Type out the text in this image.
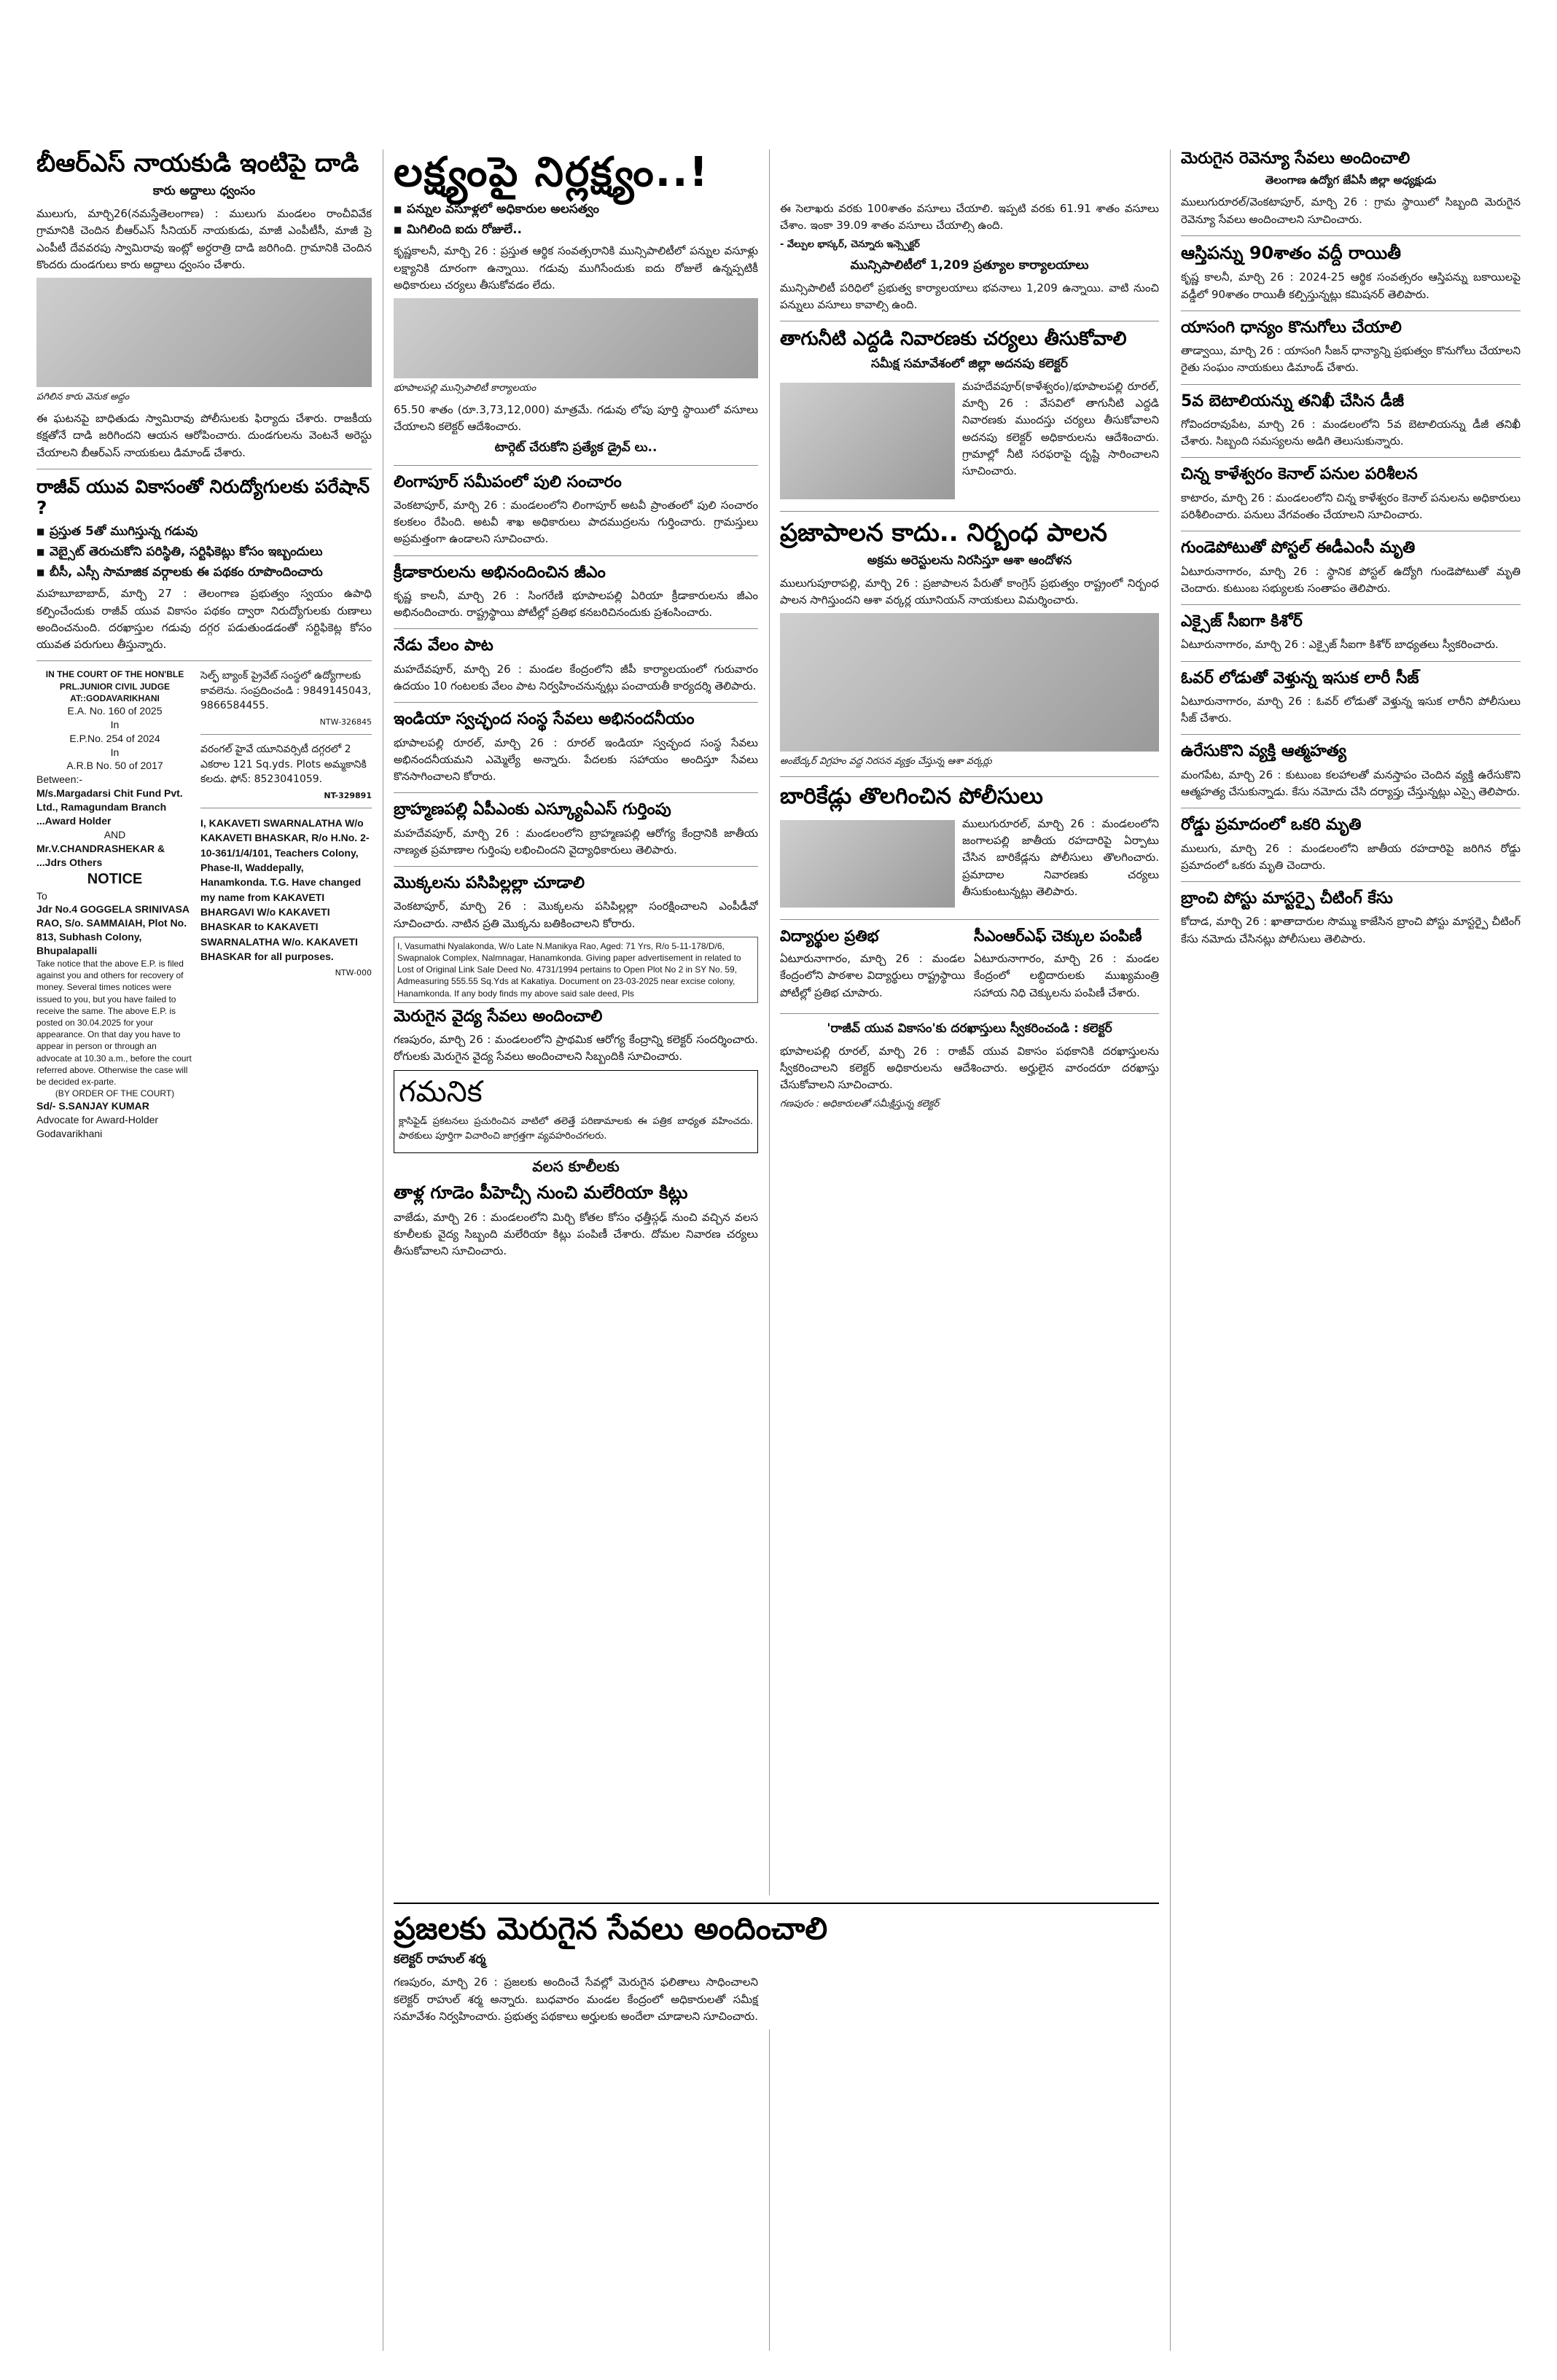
బీఆర్ఎస్ నాయకుడి ఇంటిపై దాడి
కారు అద్దాలు ధ్వంసం

ములుగు, మార్చి26(నమస్తేతెలంగాణ) : ములుగు మండలం రాంచీవివేక గ్రామానికి చెందిన బీఆర్ఎస్ సీనియర్ నాయకుడు, మాజీ ఎంపీటీసీ, మాజీ ప్రె ఎంపీటీ దేవవరపు స్వామిరావు ఇంట్లో అర్ధరాత్రి దాడి జరిగింది. గ్రామానికి చెందిన కొందరు దుండగులు కారు అద్దాలు ధ్వంసం చేశారు.

పగిలిన కారు వెనుక అద్దం

ఈ ఘటనపై బాధితుడు స్వామిరావు పోలీసులకు ఫిర్యాదు చేశారు. రాజకీయ కక్షతోనే దాడి జరిగిందని ఆయన ఆరోపించారు. దుండగులను వెంటనే అరెస్టు చేయాలని బీఆర్ఎస్ నాయకులు డిమాండ్ చేశారు.

రాజీవ్ యువ వికాసంతో నిరుద్యోగులకు పరేషాన్ ?
■ ప్రస్తుత 5తో ముగిస్తున్న గడువు
■ వెబ్సైట్ తెరుచుకోని పరిస్థితి, సర్టిఫికెట్లు కోసం ఇబ్బందులు
■ బీసీ, ఎస్సీ సామాజిక వర్గాలకు ఈ పథకం రూపొందించారు

మహబూబాబాద్, మార్చి 27 : తెలంగాణ ప్రభుత్వం స్వయం ఉపాధి కల్పించేందుకు రాజీవ్ యువ వికాసం పథకం ద్వారా నిరుద్యోగులకు రుణాలు అందించనుంది. దరఖాస్తుల గడువు దగ్గర పడుతుండడంతో సర్టిఫికెట్ల కోసం యువత పరుగులు తీస్తున్నారు.

IN THE COURT OF THE HON'BLE PRL.JUNIOR CIVIL JUDGE AT::GODAVARIKHANI
E.A. No. 160 of 2025
In
E.P.No. 254 of 2024
In
A.R.B No. 50 of 2017
Between:-
M/s.Margadarsi Chit Fund Pvt. Ltd., Ramagundam Branch ...Award Holder
AND
Mr.V.CHANDRASHEKAR & ...Jdrs Others
NOTICE
To
Jdr No.4 GOGGELA SRINIVASA RAO, S/o. SAMMAIAH, Plot No. 813, Subhash Colony, Bhupalapalli
Take notice that the above E.P. is filed against you and others for recovery of money. Several times notices were issued to you, but you have failed to receive the same. The above E.P. is posted on 30.04.2025 for your appearance. On that day you have to appear in person or through an advocate at 10.30 a.m., before the court referred above. Otherwise the case will be decided ex-parte.
(BY ORDER OF THE COURT)
Sd/- S.SANJAY KUMAR
Advocate for Award-Holder Godavarikhani
సెల్ఫ్ బ్యాంక్ ప్రైవేట్ సంస్థలో ఉద్యోగాలకు కావలెను. సంప్రదించండి : 9849145043, 9866584455.
NTW-326845
వరంగల్ హైవే యూనివర్సిటీ దగ్గరలో 2 ఎకరాల 121 Sq.yds. Plots అమ్మకానికి కలదు. ఫోన్: 8523041059.
NT-329891
I, KAKAVETI SWARNALATHA W/o KAKAVETI BHASKAR, R/o H.No. 2-10-361/1/4/101, Teachers Colony, Phase-II, Waddepally, Hanamkonda. T.G. Have changed my name from KAKAVETI BHARGAVI W/o KAKAVETI BHASKAR to KAKAVETI SWARNALATHA W/o. KAKAVETI BHASKAR for all purposes.
NTW-000
లక్ష్యంపై నిర్లక్ష్యం..!
■ పన్నుల వసూళ్లలో అధికారుల అలసత్వం
■ మిగిలింది ఐదు రోజులే..

కృష్ణకాలనీ, మార్చి 26 : ప్రస్తుత ఆర్థిక సంవత్సరానికి మున్సిపాలిటీలో పన్నుల వసూళ్లు లక్ష్యానికి దూరంగా ఉన్నాయి. గడువు ముగిసేందుకు ఐదు రోజులే ఉన్నప్పటికీ అధికారులు చర్యలు తీసుకోవడం లేదు.

భూపాలపల్లి మున్సిపాలిటీ కార్యాలయం

65.50 శాతం (రూ.3,73,12,000) మాత్రమే. గడువు లోపు పూర్తి స్థాయిలో వసూలు చేయాలని కలెక్టర్ ఆదేశించారు.

టార్గెట్ చేరుకోని ప్రత్యేక డ్రైవ్ లు..
లింగాపూర్ సమీపంలో పులి సంచారం

వెంకటాపూర్, మార్చి 26 : మండలంలోని లింగాపూర్ అటవీ ప్రాంతంలో పులి సంచారం కలకలం రేపింది. అటవీ శాఖ అధికారులు పాదముద్రలను గుర్తించారు. గ్రామస్తులు అప్రమత్తంగా ఉండాలని సూచించారు.

క్రీడాకారులను అభినందించిన జీఎం

కృష్ణ కాలనీ, మార్చి 26 : సింగరేణి భూపాలపల్లి ఏరియా క్రీడాకారులను జీఎం అభినందించారు. రాష్ట్రస్థాయి పోటీల్లో ప్రతిభ కనబరిచినందుకు ప్రశంసించారు.

నేడు వేలం పాట

మహదేవపూర్, మార్చి 26 : మండల కేంద్రంలోని జీపీ కార్యాలయంలో గురువారం ఉదయం 10 గంటలకు వేలం పాట నిర్వహించనున్నట్లు పంచాయతీ కార్యదర్శి తెలిపారు.

ఇండియా స్వచ్ఛంద సంస్థ సేవలు అభినందనీయం

భూపాలపల్లి రూరల్, మార్చి 26 : రూరల్ ఇండియా స్వచ్ఛంద సంస్థ సేవలు అభినందనీయమని ఎమ్మెల్యే అన్నారు. పేదలకు సహాయం అందిస్తూ సేవలు కొనసాగించాలని కోరారు.

బ్రాహ్మణపల్లి ఏపీఎంకు ఎస్క్యూఏఎస్ గుర్తింపు

మహదేవపూర్, మార్చి 26 : మండలంలోని బ్రాహ్మణపల్లి ఆరోగ్య కేంద్రానికి జాతీయ నాణ్యత ప్రమాణాల గుర్తింపు లభించిందని వైద్యాధికారులు తెలిపారు.

మొక్కలను పసిపిల్లల్లా చూడాలి

వెంకటాపూర్, మార్చి 26 : మొక్కలను పసిపిల్లల్లా సంరక్షించాలని ఎంపీడీవో సూచించారు. నాటిన ప్రతి మొక్కను బతికించాలని కోరారు.

I, Vasumathi Nyalakonda, W/o Late N.Manikya Rao, Aged: 71 Yrs, R/o 5-11-178/D/6, Swapnalok Complex, Nalmnagar, Hanamkonda. Giving paper advertisement in related to Lost of Original Link Sale Deed No. 4731/1994 pertains to Open Plot No 2 in SY No. 59, Admeasuring 555.55 Sq.Yds at Kakatiya. Document on 23-03-2025 near excise colony, Hanamkonda. If any body finds my above said sale deed, Pls
మెరుగైన వైద్య సేవలు అందించాలి

గణపురం, మార్చి 26 : మండలంలోని ప్రాథమిక ఆరోగ్య కేంద్రాన్ని కలెక్టర్ సందర్శించారు. రోగులకు మెరుగైన వైద్య సేవలు అందించాలని సిబ్బందికి సూచించారు.

గమనిక
క్లాసిఫైడ్ ప్రకటనలు ప్రచురించిన వాటిలో తలెత్తే పరిణామాలకు ఈ పత్రిక బాధ్యత వహించదు. పాఠకులు పూర్తిగా విచారించి జాగ్రత్తగా వ్యవహరించగలరు.
వలస కూలీలకు
తాళ్ల గూడెం పీహెచ్సీ నుంచి మలేరియా కిట్లు

వాజేడు, మార్చి 26 : మండలంలోని మిర్చి కోతల కోసం ఛత్తీస్గఢ్ నుంచి వచ్చిన వలస కూలీలకు వైద్య సిబ్బంది మలేరియా కిట్లు పంపిణీ చేశారు. దోమల నివారణ చర్యలు తీసుకోవాలని సూచించారు.

ఈ సెలాఖరు వరకు 100శాతం వసూలు చేయాలి. ఇప్పటి వరకు 61.91 శాతం వసూలు చేశాం. ఇంకా 39.09 శాతం వసూలు చేయాల్సి ఉంది.

- వేల్పుల భాస్కర్, చెన్నూరు ఇన్స్పెక్టర్
మున్సిపాలిటీలో 1,209 ప్రత్యూల కార్యాలయాలు

మున్సిపాలిటీ పరిధిలో ప్రభుత్వ కార్యాలయాలు భవనాలు 1,209 ఉన్నాయి. వాటి నుంచి పన్నులు వసూలు కావాల్సి ఉంది.

తాగునీటి ఎద్దడి నివారణకు చర్యలు తీసుకోవాలి
సమీక్ష సమావేశంలో జిల్లా అదనపు కలెక్టర్

మహదేవపూర్(కాళేశ్వరం)/భూపాలపల్లి రూరల్, మార్చి 26 : వేసవిలో తాగునీటి ఎద్దడి నివారణకు ముందస్తు చర్యలు తీసుకోవాలని అదనపు కలెక్టర్ అధికారులను ఆదేశించారు. గ్రామాల్లో నీటి సరఫరాపై దృష్టి సారించాలని సూచించారు.

ప్రజాపాలన కాదు.. నిర్బంధ పాలన
అక్రమ అరెస్టులను నిరసిస్తూ ఆశా ఆందోళన

ములుగుపూరాపల్లి, మార్చి 26 : ప్రజాపాలన పేరుతో కాంగ్రెస్ ప్రభుత్వం రాష్ట్రంలో నిర్బంధ పాలన సాగిస్తుందని ఆశా వర్కర్ల యూనియన్ నాయకులు విమర్శించారు.

అంబేద్కర్ విగ్రహం వద్ద నిరసన వ్యక్తం చేస్తున్న ఆశా వర్కర్లు
బారికేడ్లు తొలగించిన పోలీసులు

ములుగురూరల్, మార్చి 26 : మండలంలోని జంగాలపల్లి జాతీయ రహదారిపై ఏర్పాటు చేసిన బారికేడ్లను పోలీసులు తొలగించారు. ప్రమాదాల నివారణకు చర్యలు తీసుకుంటున్నట్లు తెలిపారు.

విద్యార్థుల ప్రతిభ

ఏటూరునాగారం, మార్చి 26 : మండల కేంద్రంలోని పాఠశాల విద్యార్థులు రాష్ట్రస్థాయి పోటీల్లో ప్రతిభ చూపారు.

సీఎంఆర్ఎఫ్ చెక్కుల పంపిణీ

ఏటూరునాగారం, మార్చి 26 : మండల కేంద్రంలో లబ్ధిదారులకు ముఖ్యమంత్రి సహాయ నిధి చెక్కులను పంపిణీ చేశారు.

'రాజీవ్ యువ వికాసం'కు దరఖాస్తులు స్వీకరించండి : కలెక్టర్

భూపాలపల్లి రూరల్, మార్చి 26 : రాజీవ్ యువ వికాసం పథకానికి దరఖాస్తులను స్వీకరించాలని కలెక్టర్ అధికారులను ఆదేశించారు. అర్హులైన వారందరూ దరఖాస్తు చేసుకోవాలని సూచించారు.

గణపురం : అధికారులతో సమీక్షిస్తున్న కలెక్టర్
మెరుగైన రెవెన్యూ సేవలు అందించాలి
తెలంగాణ ఉద్యోగ జేఏసీ జిల్లా అధ్యక్షుడు

ములుగురూరల్/వెంకటాపూర్, మార్చి 26 : గ్రామ స్థాయిలో సిబ్బంది మెరుగైన రెవెన్యూ సేవలు అందించాలని సూచించారు.

ఆస్తిపన్ను 90శాతం వద్దీ రాయితీ

కృష్ణ కాలనీ, మార్చి 26 : 2024-25 ఆర్థిక సంవత్సరం ఆస్తిపన్ను బకాయిలపై వడ్డీలో 90శాతం రాయితీ కల్పిస్తున్నట్లు కమిషనర్ తెలిపారు.

యాసంగి ధాన్యం కొనుగోలు చేయాలి

తాడ్వాయి, మార్చి 26 : యాసంగి సీజన్ ధాన్యాన్ని ప్రభుత్వం కొనుగోలు చేయాలని రైతు సంఘం నాయకులు డిమాండ్ చేశారు.

5వ బెటాలియన్ను తనిఖీ చేసిన డీజీ

గోవిందరావుపేట, మార్చి 26 : మండలంలోని 5వ బెటాలియన్ను డీజీ తనిఖీ చేశారు. సిబ్బంది సమస్యలను అడిగి తెలుసుకున్నారు.

చిన్న కాళేశ్వరం కెనాల్ పనుల పరిశీలన

కాటారం, మార్చి 26 : మండలంలోని చిన్న కాళేశ్వరం కెనాల్ పనులను అధికారులు పరిశీలించారు. పనులు వేగవంతం చేయాలని సూచించారు.

గుండెపోటుతో పోస్టల్ ఈడీఎంసీ మృతి

ఏటూరునాగారం, మార్చి 26 : స్థానిక పోస్టల్ ఉద్యోగి గుండెపోటుతో మృతి చెందారు. కుటుంబ సభ్యులకు సంతాపం తెలిపారు.

ఎక్సైజ్ సీఐగా కిశోర్

ఏటూరునాగారం, మార్చి 26 : ఎక్సైజ్ సీఐగా కిశోర్ బాధ్యతలు స్వీకరించారు.

ఓవర్ లోడుతో వెళ్తున్న ఇసుక లారీ సీజ్

ఏటూరునాగారం, మార్చి 26 : ఓవర్ లోడుతో వెళ్తున్న ఇసుక లారీని పోలీసులు సీజ్ చేశారు.

ఉరేసుకొని వ్యక్తి ఆత్మహత్య

మంగపేట, మార్చి 26 : కుటుంబ కలహాలతో మనస్తాపం చెందిన వ్యక్తి ఉరేసుకొని ఆత్మహత్య చేసుకున్నాడు. కేసు నమోదు చేసి దర్యాప్తు చేస్తున్నట్లు ఎస్సై తెలిపారు.

రోడ్డు ప్రమాదంలో ఒకరి మృతి

ములుగు, మార్చి 26 : మండలంలోని జాతీయ రహదారిపై జరిగిన రోడ్డు ప్రమాదంలో ఒకరు మృతి చెందారు.

బ్రాంచి పోస్టు మాస్టర్పై చీటింగ్ కేసు

కోదాడ, మార్చి 26 : ఖాతాదారుల సొమ్ము కాజేసిన బ్రాంచి పోస్టు మాస్టర్పై చీటింగ్ కేసు నమోదు చేసినట్లు పోలీసులు తెలిపారు.

ప్రజలకు మెరుగైన సేవలు అందించాలి
కలెక్టర్ రాహుల్ శర్మ

గణపురం, మార్చి 26 : ప్రజలకు అందించే సేవల్లో మెరుగైన ఫలితాలు సాధించాలని కలెక్టర్ రాహుల్ శర్మ అన్నారు. బుధవారం మండల కేంద్రంలో అధికారులతో సమీక్ష సమావేశం నిర్వహించారు. ప్రభుత్వ పథకాలు అర్హులకు అందేలా చూడాలని సూచించారు.
